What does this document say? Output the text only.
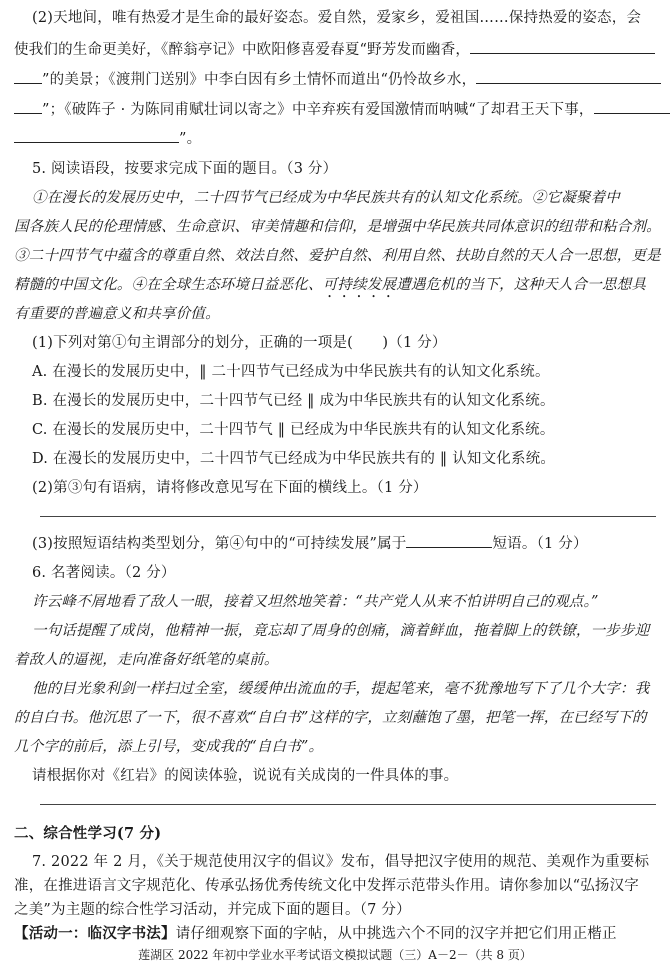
(2)天地间，唯有热爱才是生命的最好姿态。爱自然，爱家乡，爱祖国……保持热爱的姿态，会
使我们的生命更美好，《醉翁亭记》中欧阳修喜爱春夏“野芳发而幽香，
”的美景；《渡荆门送别》中李白因有乡土情怀而道出“仍怜故乡水，
”；《破阵子 · 为陈同甫赋壮词以寄之》中辛弃疾有爱国激情而呐喊“了却君王天下事，
”。
5. 阅读语段，按要求完成下面的题目。（3 分）
①在漫长的发展历史中，二十四节气已经成为中华民族共有的认知文化系统。②它凝聚着中
国各族人民的伦理情感、生命意识、审美情趣和信仰，是增强中华民族共同体意识的纽带和粘合剂。
③二十四节气中蕴含的尊重自然、效法自然、爱护自然、利用自然、扶助自然的天人合一思想，更是
精髓的中国文化。④在全球生态环境日益恶化、可持续发展遭遇危机的当下，这种天人合一思想具
有重要的普遍意义和共享价值。
(1)下列对第①句主谓部分的划分，正确的一项是(　　)（1 分）
A. 在漫长的发展历史中，‖ 二十四节气已经成为中华民族共有的认知文化系统。
B. 在漫长的发展历史中，二十四节气已经 ‖ 成为中华民族共有的认知文化系统。
C. 在漫长的发展历史中，二十四节气 ‖ 已经成为中华民族共有的认知文化系统。
D. 在漫长的发展历史中，二十四节气已经成为中华民族共有的 ‖ 认知文化系统。
(2)第③句有语病，请将修改意见写在下面的横线上。（1 分）
(3)按照短语结构类型划分，第④句中的“可持续发展”属于	短语。（1 分）
6. 名著阅读。（2 分）
许云峰不屑地看了敌人一眼，接着又坦然地笑着：“共产党人从来不怕讲明自己的观点。”
一句话提醒了成岗，他精神一振，竟忘却了周身的创痛，滴着鲜血，拖着脚上的铁镣，一步步迎
着敌人的逼视，走向准备好纸笔的桌前。
他的目光象利剑一样扫过全室，缓缓伸出流血的手，提起笔来，毫不犹豫地写下了几个大字：我
的自白书。他沉思了一下，很不喜欢“自白书”这样的字，立刻蘸饱了墨，把笔一挥，在已经写下的
几个字的前后，添上引号，变成我的“自白书”。
请根据你对《红岩》的阅读体验，说说有关成岗的一件具体的事。
二、综合性学习(7 分)
7. 2022 年 2 月，《关于规范使用汉字的倡议》发布，倡导把汉字使用的规范、美观作为重要标
准，在推进语言文字规范化、传承弘扬优秀传统文化中发挥示范带头作用。请你参加以“弘扬汉字
之美”为主题的综合性学习活动，并完成下面的题目。（7 分）
【活动一：临汉字书法】请仔细观察下面的字帖，从中挑选六个不同的汉字并把它们用正楷正
莲湖区 2022 年初中学业水平考试语文模拟试题（三）A－2－（共 8 页）
